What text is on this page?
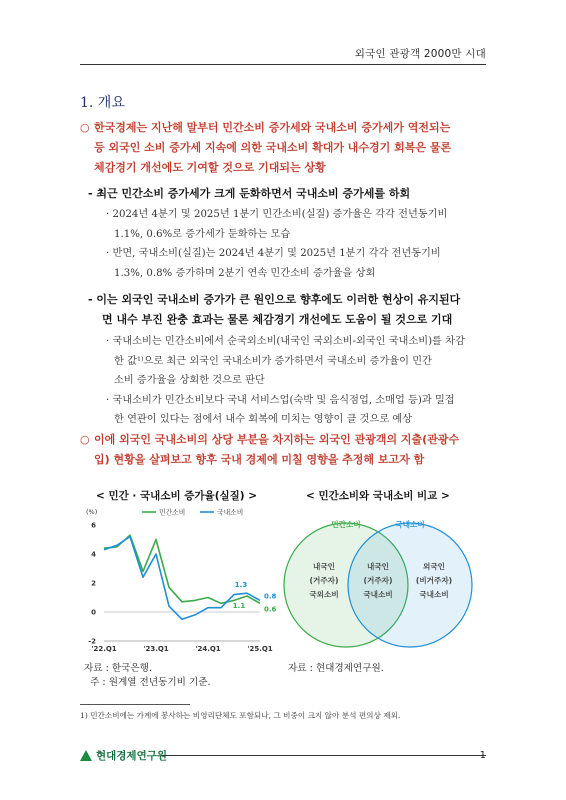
외국인 관광객 2000만 시대
1. 개요
○ 한국경제는 지난해 말부터 민간소비 증가세와 국내소비 증가세가 역전되는
등 외국인 소비 증가세 지속에 의한 국내소비 확대가 내수경기 회복은 물론
체감경기 개선에도 기여할 것으로 기대되는 상황
- 최근 민간소비 증가세가 크게 둔화하면서 국내소비 증가세를 하회
· 2024년 4분기 및 2025년 1분기 민간소비(실질) 증가율은 각각 전년동기비
1.1%, 0.6%로 증가세가 둔화하는 모습
· 반면, 국내소비(실질)는 2024년 4분기 및 2025년 1분기 각각 전년동기비
1.3%, 0.8% 증가하며 2분기 연속 민간소비 증가율을 상회
- 이는 외국인 국내소비 증가가 큰 원인으로 향후에도 이러한 현상이 유지된다
면 내수 부진 완충 효과는 물론 체감경기 개선에도 도움이 될 것으로 기대
· 국내소비는 민간소비에서 순국외소비(내국인 국외소비-외국인 국내소비)를 차감
한 값¹⁾으로 최근 외국인 국내소비가 증가하면서 국내소비 증가율이 민간
소비 증가율을 상회한 것으로 판단
· 국내소비가 민간소비보다 국내 서비스업(숙박 및 음식점업, 소매업 등)과 밀접
한 연관이 있다는 점에서 내수 회복에 미치는 영향이 클 것으로 예상
○ 이에 외국인 국내소비의 상당 부분을 차지하는 외국인 관광객의 지출(관광수
입) 현황을 살펴보고 향후 국내 경제에 미칠 영향을 추정해 보고자 함
< 민간 · 국내소비 증가율(실질) >	< 민간소비와 국내소비 비교 >
(%)	민간소비	국내소비
6
4
2
0
-2
'22.Q1	'23.Q1	'24.Q1	'25.Q1
1.3
1.1
0.8
0.6
민간소비	국내소비
내국인
(거주자)
국외소비
내국인
(거주자)
국내소비
외국인
(비거주자)
국내소비
자료 : 한국은행.
주 : 원계열 전년동기비 기준.
자료 : 현대경제연구원.
1) 민간소비에는 가계에 봉사하는 비영리단체도 포함되나, 그 비중이 크지 않아 분석 편의상 제외.
현대경제연구원	1
